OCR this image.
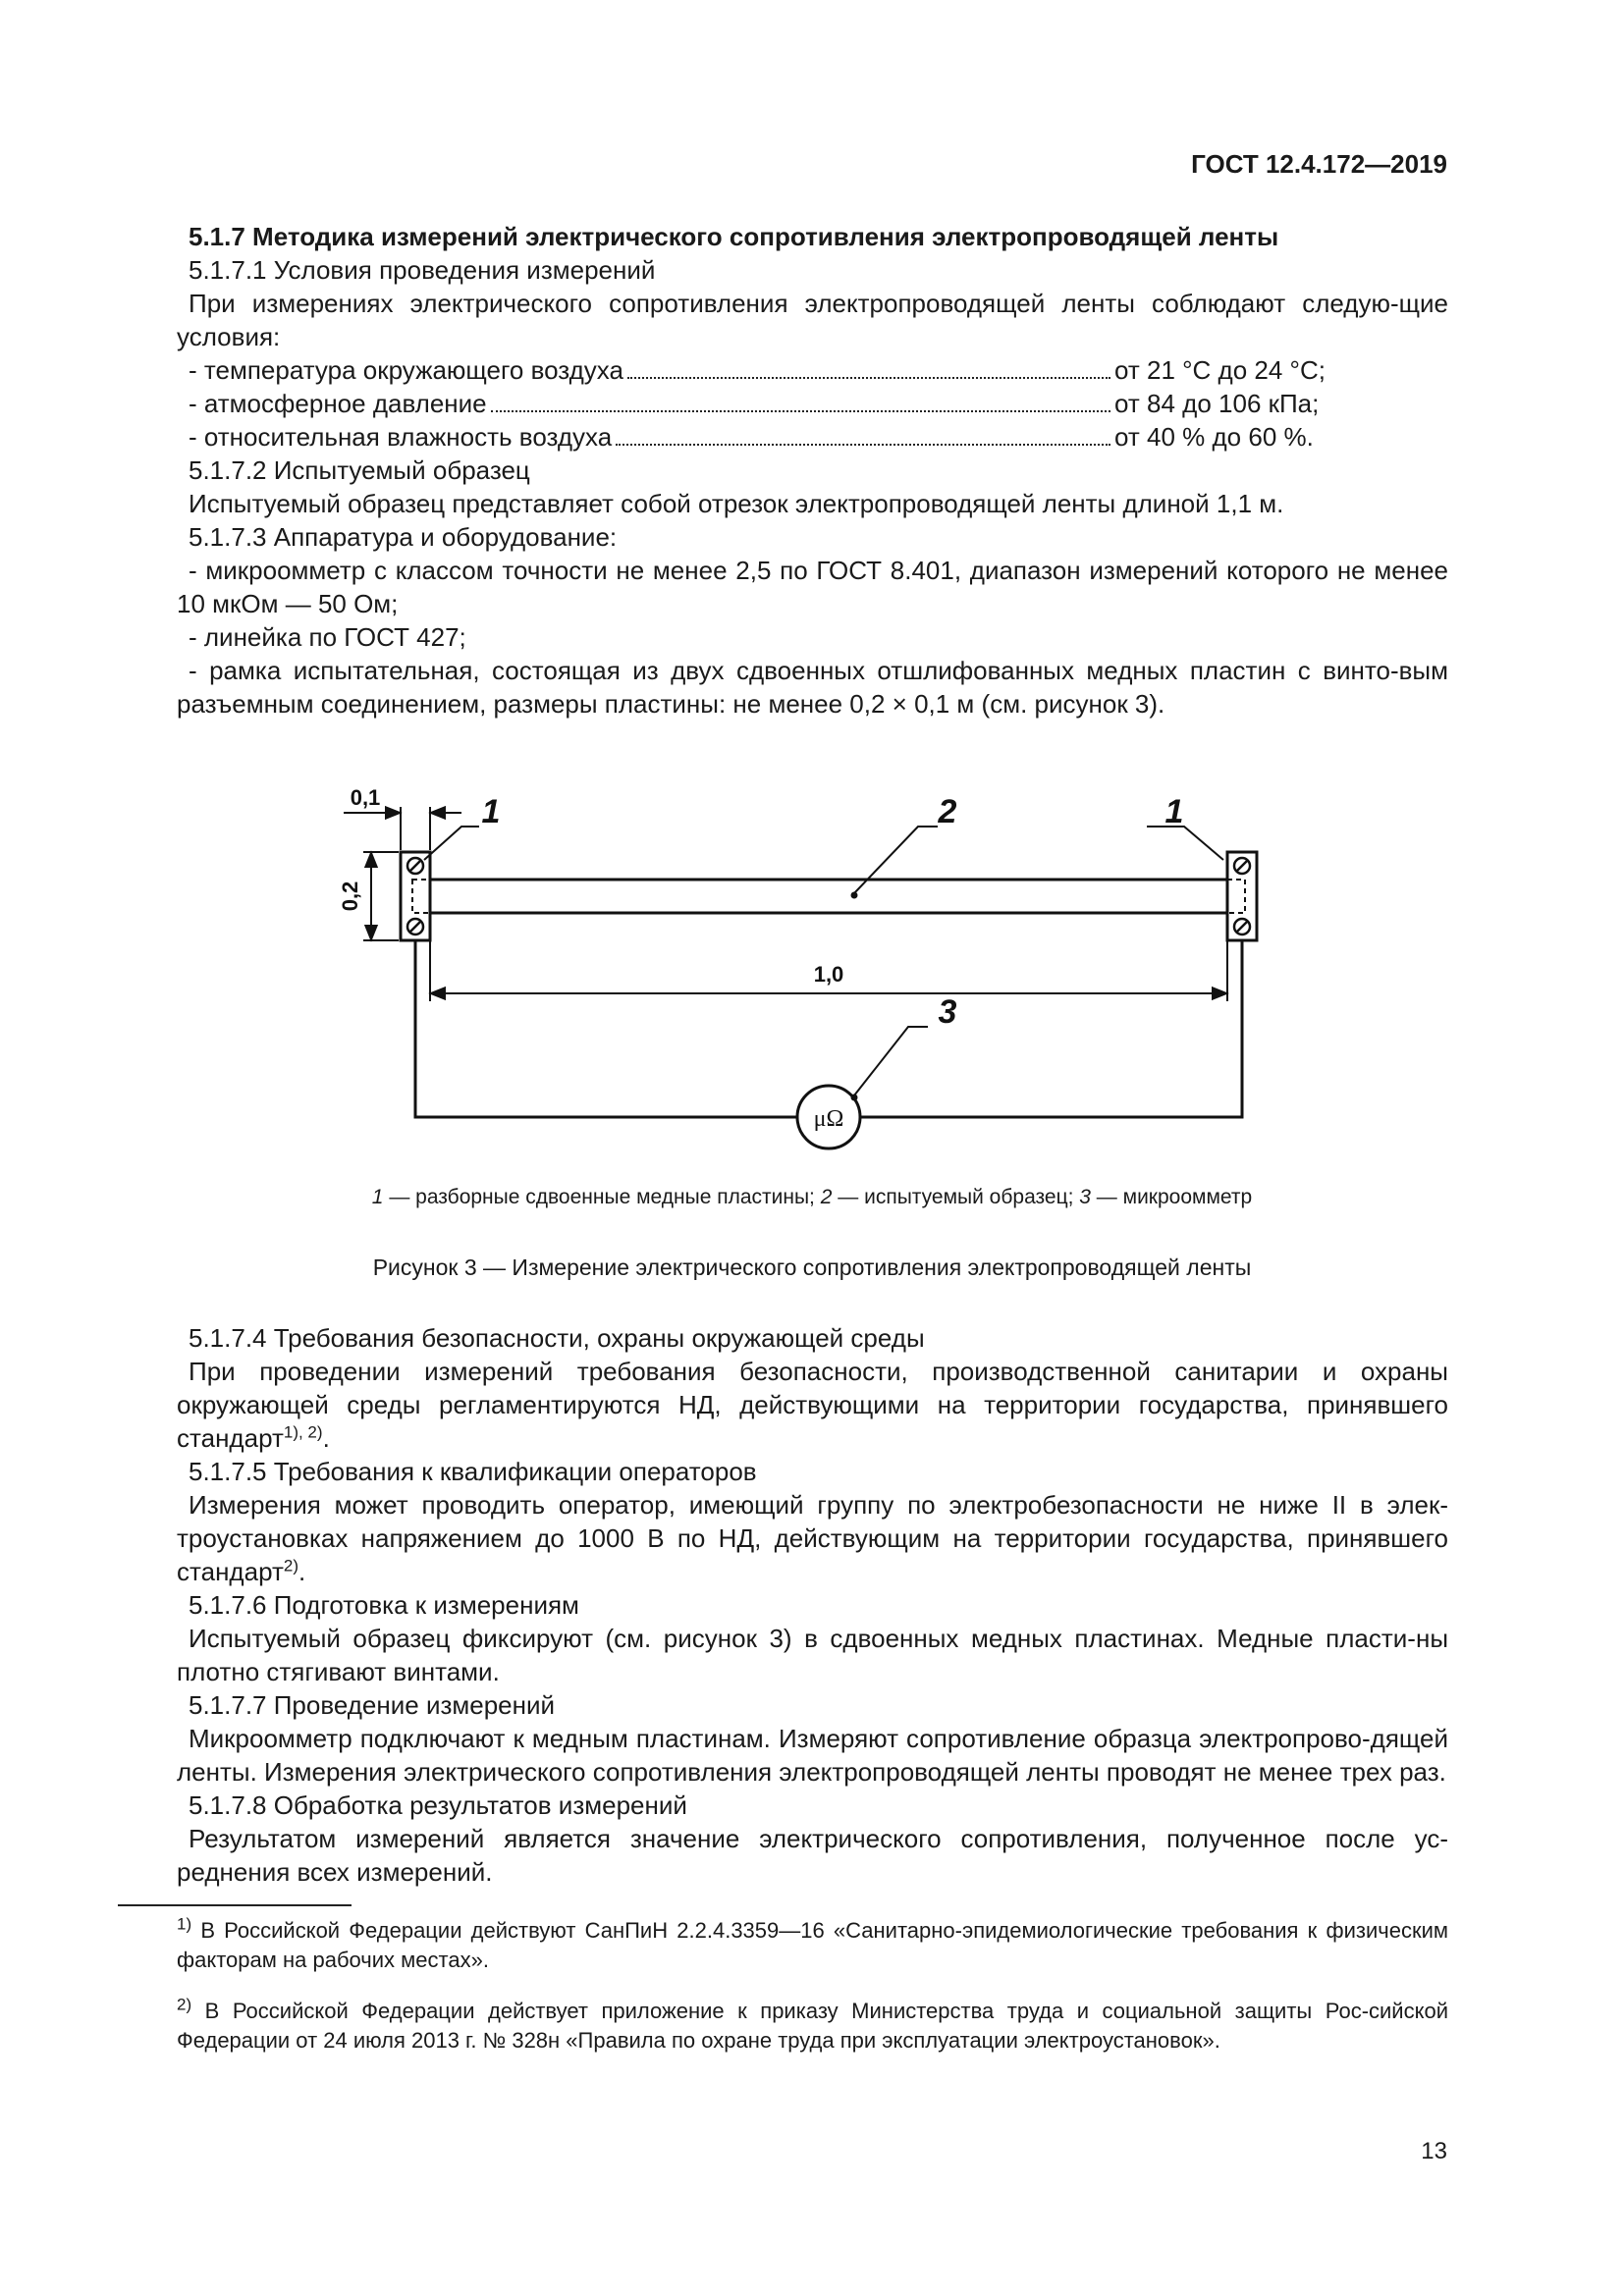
ГОСТ 12.4.172—2019

5.1.7 Методика измерений электрического сопротивления электропроводящей ленты

5.1.7.1 Условия проведения измерений

При измерениях электрического сопротивления электропроводящей ленты соблюдают следую-щие условия:

- температура окружающего воздуха	от 21 °С до 24 °С;
- атмосферное давление	от 84 до 106 кПа;
- относительная влажность воздуха	от 40 % до 60 %.

5.1.7.2 Испытуемый образец

Испытуемый образец представляет собой отрезок электропроводящей ленты длиной 1,1 м.

5.1.7.3 Аппаратура и оборудование:

- микроомметр с классом точности не менее 2,5 по ГОСТ 8.401, диапазон измерений которого не менее 10 мкОм — 50 Ом;

- линейка по ГОСТ 427;

- рамка испытательная, состоящая из двух сдвоенных отшлифованных медных пластин с винто-вым разъемным соединением, размеры пластины: не менее 0,2 × 0,1 м (см. рисунок 3).

0,1
0,2
1,0
1	2	1
3
μΩ
1 — разборные сдвоенные медные пластины; 2 — испытуемый образец; 3 — микроомметр
Рисунок 3 — Измерение электрического сопротивления электропроводящей ленты

5.1.7.4 Требования безопасности, охраны окружающей среды

При проведении измерений требования безопасности, производственной санитарии и охраны окружающей среды регламентируются НД, действующими на территории государства, принявшего стандарт$^{1), 2)}$.

5.1.7.5 Требования к квалификации операторов

Измерения может проводить оператор, имеющий группу по электробезопасности не ниже II в элек-троустановках напряжением до 1000 В по НД, действующим на территории государства, принявшего стандарт$^{2)}$.

5.1.7.6 Подготовка к измерениям

Испытуемый образец фиксируют (см. рисунок 3) в сдвоенных медных пластинах. Медные пласти-ны плотно стягивают винтами.

5.1.7.7 Проведение измерений

Микроомметр подключают к медным пластинам. Измеряют сопротивление образца электропрово-дящей ленты. Измерения электрического сопротивления электропроводящей ленты проводят не менее трех раз.

5.1.7.8 Обработка результатов измерений

Результатом измерений является значение электрического сопротивления, полученное после ус-реднения всех измерений.

$^{1)}$ В Российской Федерации действуют СанПиН 2.2.4.3359—16 «Санитарно-эпидемиологические требования к физическим факторам на рабочих местах».
$^{2)}$ В Российской Федерации действует приложение к приказу Министерства труда и социальной защиты Рос-сийской Федерации от 24 июля 2013 г. № 328н «Правила по охране труда при эксплуатации электроустановок».
13
